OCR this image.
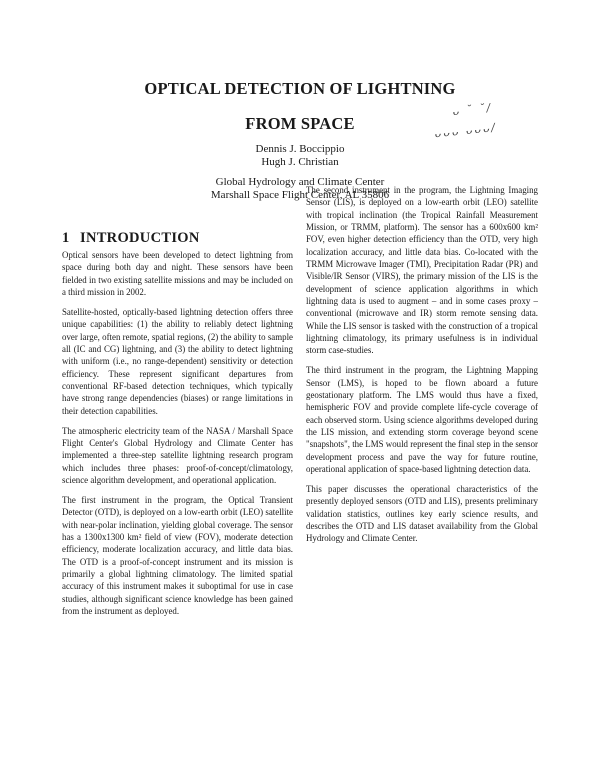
OPTICAL DETECTION OF LIGHTNING
FROM SPACE
ᴗ ˘ ˘/
ᴗᴗᴗ ᴗᴗᴗ/
Dennis J. Boccippio
Hugh J. Christian
Global Hydrology and Climate Center
Marshall Space Flight Center, AL 35806
1 INTRODUCTION

Optical sensors have been developed to detect lightning from space during both day and night. These sensors have been fielded in two existing satellite missions and may be included on a third mission in 2002.

Satellite-hosted, optically-based lightning detection offers three unique capabilities: (1) the ability to reliably detect lightning over large, often remote, spatial regions, (2) the ability to sample all (IC and CG) lightning, and (3) the ability to detect lightning with uniform (i.e., no range-dependent) sensitivity or detection efficiency. These represent significant departures from conventional RF-based detection techniques, which typically have strong range dependencies (biases) or range limitations in their detection capabilities.

The atmospheric electricity team of the NASA / Marshall Space Flight Center's Global Hydrology and Climate Center has implemented a three-step satellite lightning research program which includes three phases: proof-of-concept/climatology, science algorithm development, and operational application.

The first instrument in the program, the Optical Transient Detector (OTD), is deployed on a low-earth orbit (LEO) satellite with near-polar inclination, yielding global coverage. The sensor has a 1300x1300 km² field of view (FOV), moderate detection efficiency, moderate localization accuracy, and little data bias. The OTD is a proof-of-concept instrument and its mission is primarily a global lightning climatology. The limited spatial accuracy of this instrument makes it suboptimal for use in case studies, although significant science knowledge has been gained from the instrument as deployed.

The second instrument in the program, the Lightning Imaging Sensor (LIS), is deployed on a low-earth orbit (LEO) satellite with tropical inclination (the Tropical Rainfall Measurement Mission, or TRMM, platform). The sensor has a 600x600 km² FOV, even higher detection efficiency than the OTD, very high localization accuracy, and little data bias. Co-located with the TRMM Microwave Imager (TMI), Precipitation Radar (PR) and Visible/IR Sensor (VIRS), the primary mission of the LIS is the development of science application algorithms in which lightning data is used to augment – and in some cases proxy – conventional (microwave and IR) storm remote sensing data. While the LIS sensor is tasked with the construction of a tropical lightning climatology, its primary usefulness is in individual storm case-studies.

The third instrument in the program, the Lightning Mapping Sensor (LMS), is hoped to be flown aboard a future geostationary platform. The LMS would thus have a fixed, hemispheric FOV and provide complete life-cycle coverage of each observed storm. Using science algorithms developed during the LIS mission, and extending storm coverage beyond scene "snapshots", the LMS would represent the final step in the sensor development process and pave the way for future routine, operational application of space-based lightning detection data.

This paper discusses the operational characteristics of the presently deployed sensors (OTD and LIS), presents preliminary validation statistics, outlines key early science results, and describes the OTD and LIS dataset availability from the Global Hydrology and Climate Center.
